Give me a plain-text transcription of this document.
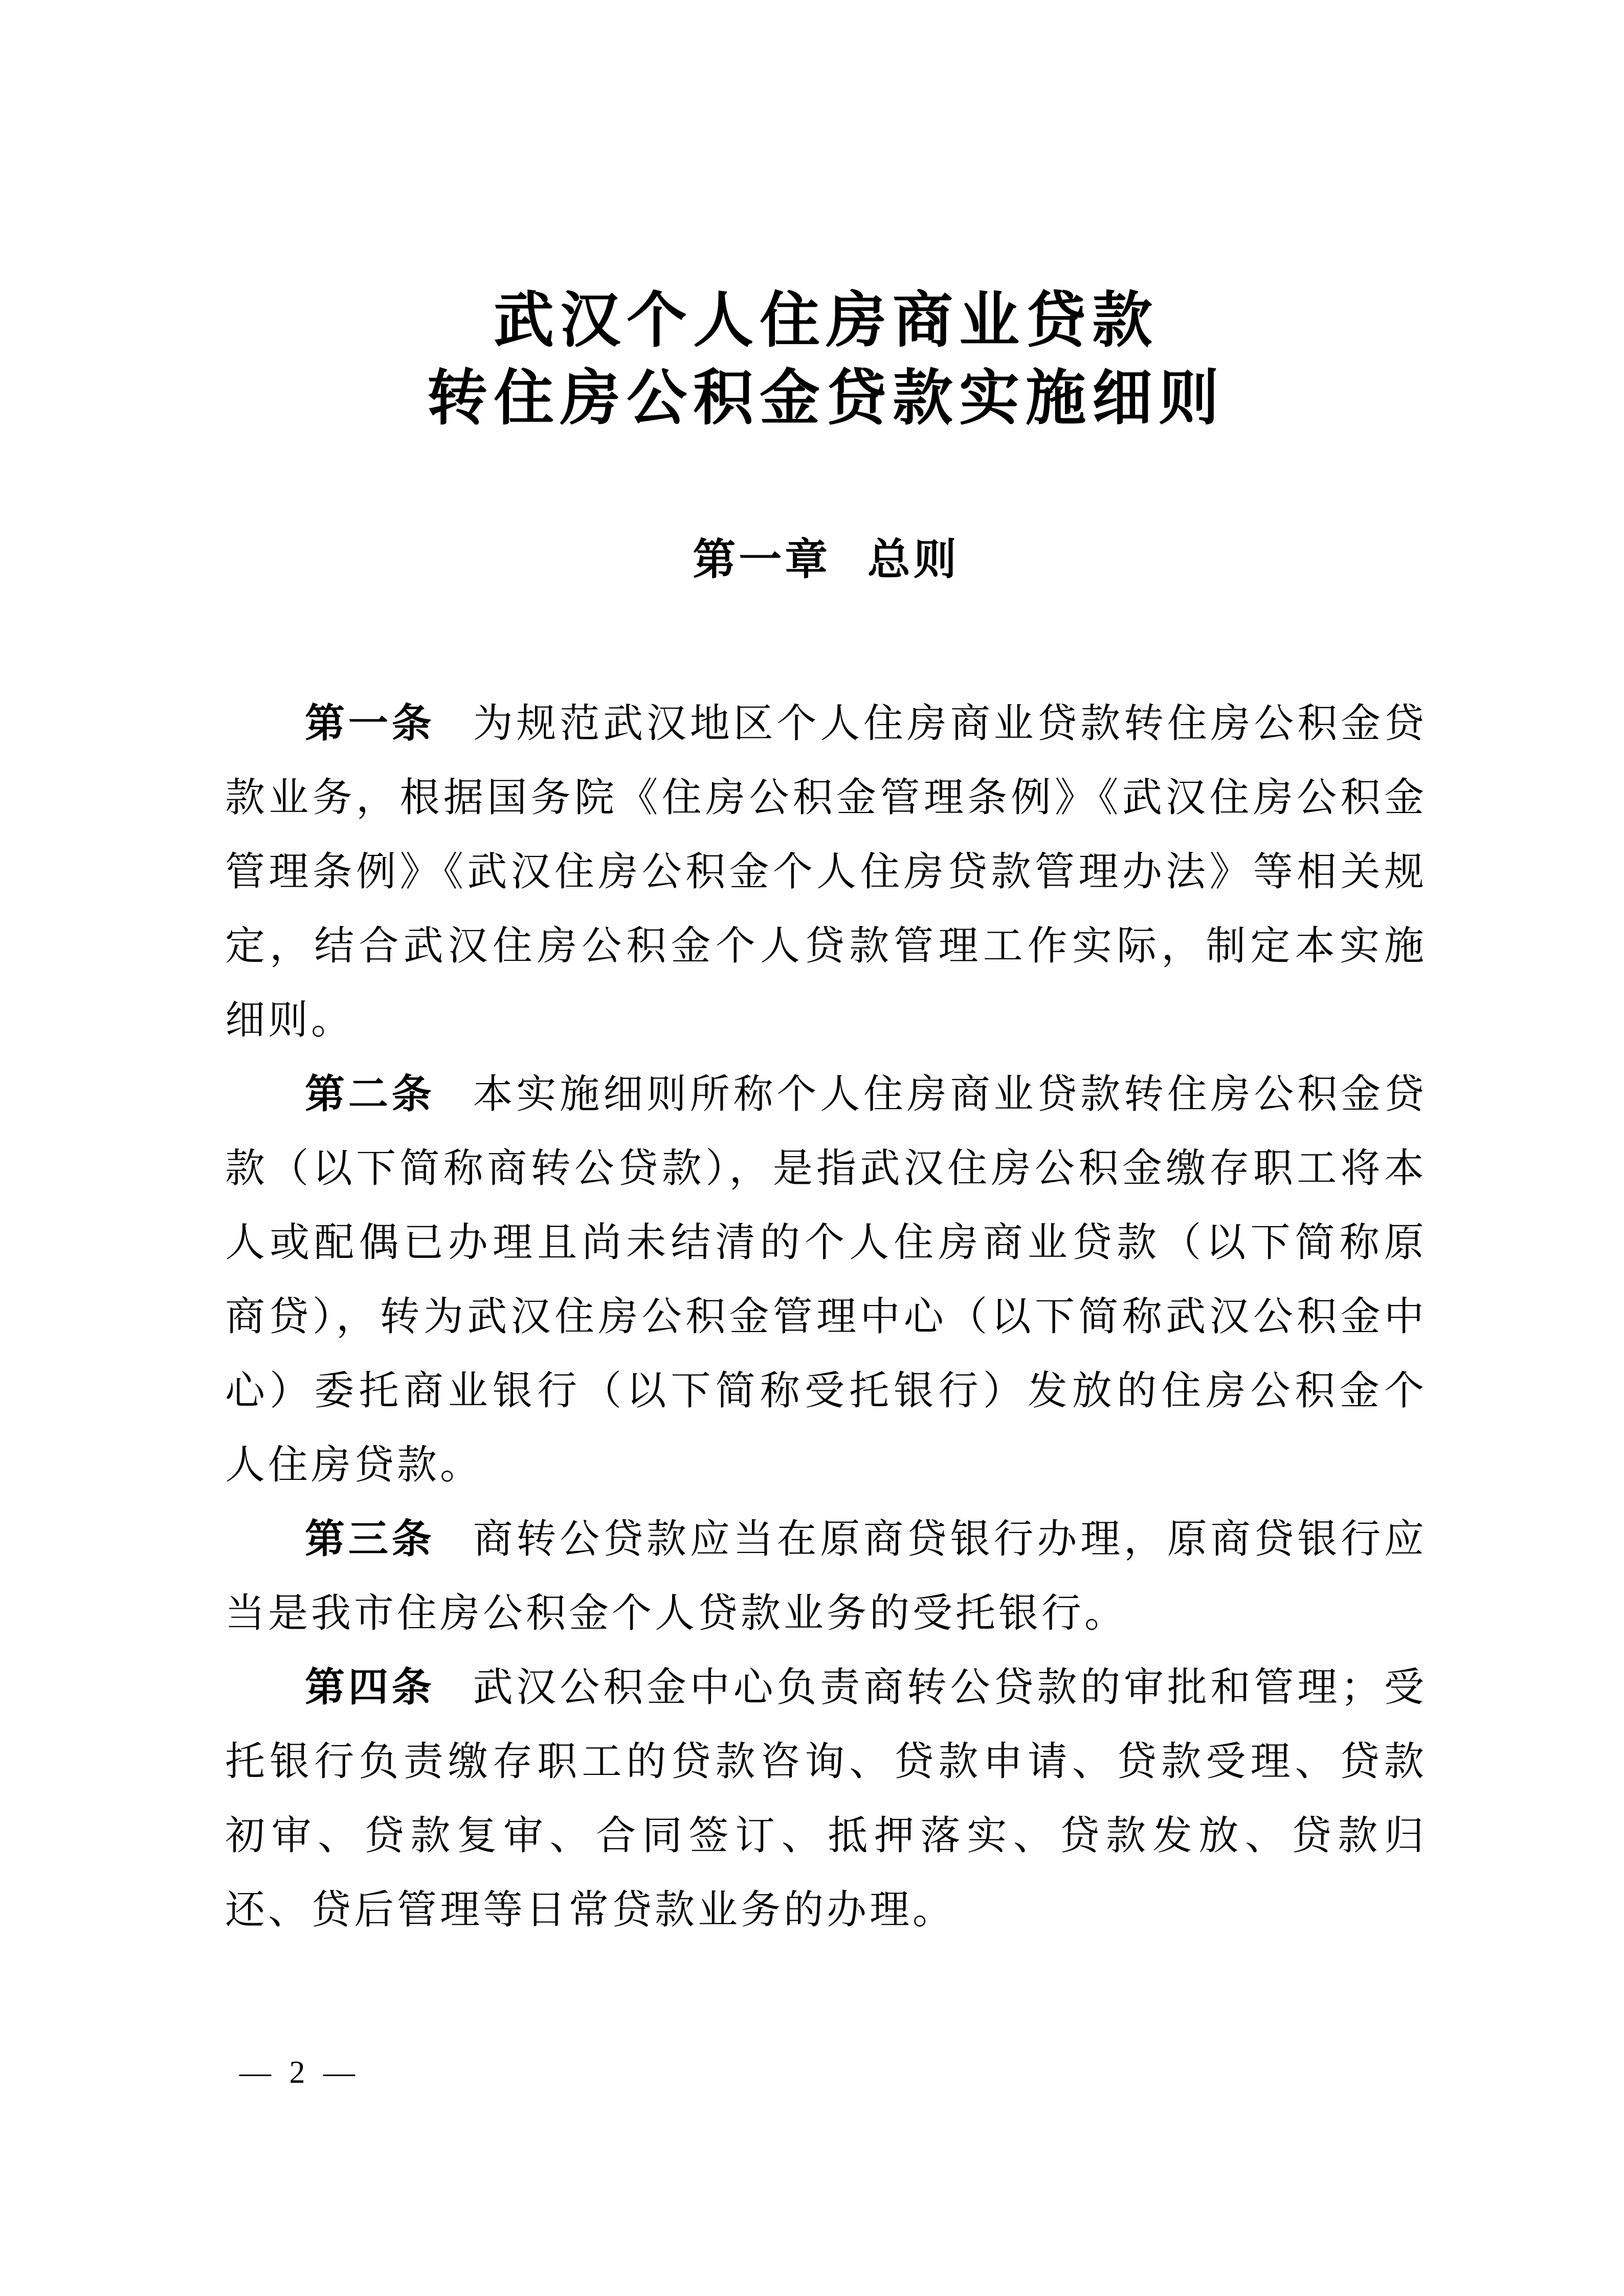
武汉个人住房商业贷款
转住房公积金贷款实施细则
第一章 总则

第一条 为规范武汉地区个人住房商业贷款转住房公积金贷款业务，根据国务院《住房公积金管理条例》《武汉住房公积金管理条例》《武汉住房公积金个人住房贷款管理办法》等相关规定，结合武汉住房公积金个人贷款管理工作实际，制定本实施细则。

第二条 本实施细则所称个人住房商业贷款转住房公积金贷款（以下简称商转公贷款），是指武汉住房公积金缴存职工将本人或配偶已办理且尚未结清的个人住房商业贷款（以下简称原商贷），转为武汉住房公积金管理中心（以下简称武汉公积金中心）委托商业银行（以下简称受托银行）发放的住房公积金个人住房贷款。

第三条 商转公贷款应当在原商贷银行办理，原商贷银行应当是我市住房公积金个人贷款业务的受托银行。

第四条 武汉公积金中心负责商转公贷款的审批和管理；受托银行负责缴存职工的贷款咨询、贷款申请、贷款受理、贷款初审、贷款复审、合同签订、抵押落实、贷款发放、贷款归还、贷后管理等日常贷款业务的办理。

— 2 —
